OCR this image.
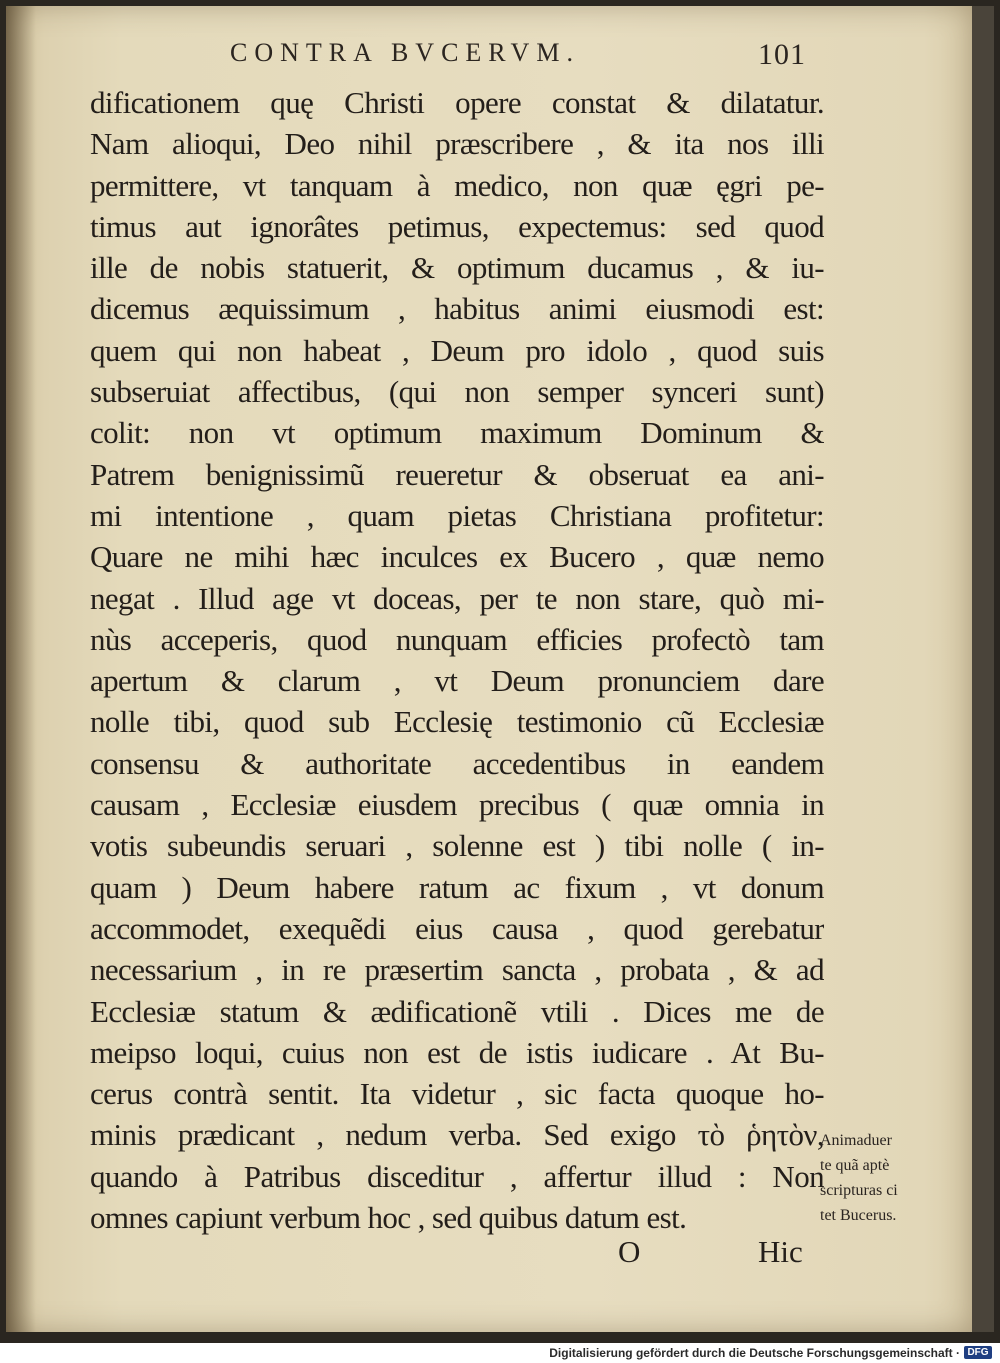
CONTRA BVCERVM.	101
dificationem quę Christi opere constat & dilatatur.
Nam alioqui, Deo nihil præscribere , & ita nos illi
permittere, vt tanquam à medico, non quæ ęgri pe-
timus aut ignorâtes petimus, expectemus: sed quod
ille de nobis statuerit, & optimum ducamus , & iu-
dicemus æquissimum , habitus animi eiusmodi est:
quem qui non habeat , Deum pro idolo , quod suis
subseruiat affectibus, (qui non semper synceri sunt)
colit: non vt optimum maximum Dominum &
Patrem benignissimũ reueretur & obseruat ea ani-
mi intentione , quam pietas Christiana profitetur:
Quare ne mihi hæc inculces ex Bucero , quæ nemo
negat . Illud age vt doceas, per te non stare, quò mi-
nùs acceperis, quod nunquam efficies profectò tam
apertum & clarum , vt Deum pronunciem dare
nolle tibi, quod sub Ecclesię testimonio cũ Ecclesiæ
consensu & authoritate accedentibus in eandem
causam , Ecclesiæ eiusdem precibus ( quæ omnia in
votis subeundis seruari , solenne est ) tibi nolle ( in-
quam ) Deum habere ratum ac fixum , vt donum
accommodet, exequẽdi eius causa , quod gerebatur
necessarium , in re præsertim sancta , probata , & ad
Ecclesiæ statum & ædificationẽ vtili . Dices me de
meipso loqui, cuius non est de istis iudicare . At Bu-
cerus contrà sentit. Ita videtur , sic facta quoque ho-
minis prædicant , nedum verba. Sed exigo τὸ ῥητὸν,
quando à Patribus disceditur , affertur illud : Non
omnes capiunt verbum hoc , sed quibus datum est.
Animaduer
te quã aptè
scripturas ci
tet Bucerus.
O	Hic
Digitalisierung gefördert durch die Deutsche Forschungsgemeinschaft · DFG
